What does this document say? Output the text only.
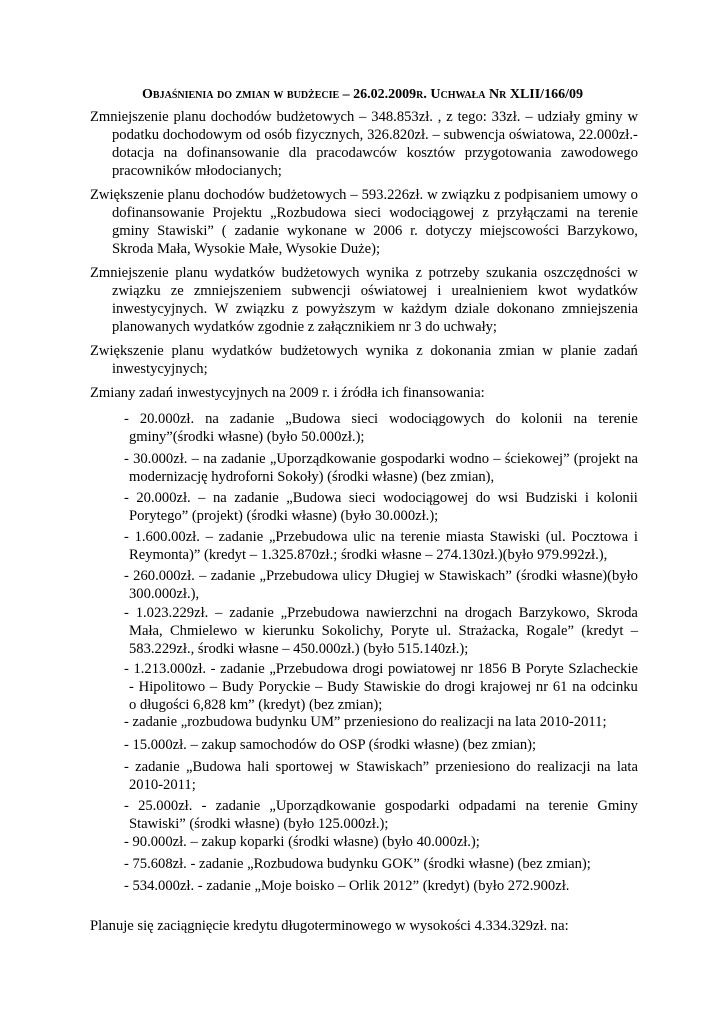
Objaśnienia do zmian w budżecie – 26.02.2009r. Uchwała Nr XLII/166/09
Zmniejszenie planu dochodów budżetowych – 348.853zł. , z tego: 33zł. – udziały gminy w
podatku dochodowym od osób fizycznych, 326.820zł. – subwencja oświatowa, 22.000zł.-
dotacja na dofinansowanie dla pracodawców kosztów przygotowania zawodowego
pracowników młodocianych;
Zwiększenie planu dochodów budżetowych – 593.226zł. w związku z podpisaniem umowy o
dofinansowanie Projektu „Rozbudowa sieci wodociągowej z przyłączami na terenie
gminy Stawiski” ( zadanie wykonane w 2006 r. dotyczy miejscowości Barzykowo,
Skroda Mała, Wysokie Małe, Wysokie Duże);
Zmniejszenie planu wydatków budżetowych wynika z potrzeby szukania oszczędności w
związku ze zmniejszeniem subwencji oświatowej i urealnieniem kwot wydatków
inwestycyjnych. W związku z powyższym w każdym dziale dokonano zmniejszenia
planowanych wydatków zgodnie z załącznikiem nr 3 do uchwały;
Zwiększenie planu wydatków budżetowych wynika z dokonania zmian w planie zadań
inwestycyjnych;
Zmiany zadań inwestycyjnych na 2009 r. i źródła ich finansowania:
- 20.000zł. na zadanie „Budowa sieci wodociągowych do kolonii na terenie
gminy”(środki własne) (było 50.000zł.);
- 30.000zł. – na zadanie „Uporządkowanie gospodarki wodno – ściekowej” (projekt na
modernizację hydroforni Sokoły) (środki własne) (bez zmian),
- 20.000zł. – na zadanie „Budowa sieci wodociągowej do wsi Budziski i kolonii
Porytego” (projekt) (środki własne) (było 30.000zł.);
- 1.600.00zł. – zadanie „Przebudowa ulic na terenie miasta Stawiski (ul. Pocztowa i
Reymonta)” (kredyt – 1.325.870zł.; środki własne – 274.130zł.)(było 979.992zł.),
- 260.000zł. – zadanie „Przebudowa ulicy Długiej w Stawiskach” (środki własne)(było
300.000zł.),
- 1.023.229zł. – zadanie „Przebudowa nawierzchni na drogach Barzykowo, Skroda
Mała, Chmielewo w kierunku Sokolichy, Poryte ul. Strażacka, Rogale” (kredyt –
583.229zł., środki własne – 450.000zł.) (było 515.140zł.);
- 1.213.000zł. - zadanie „Przebudowa drogi powiatowej nr 1856 B Poryte Szlacheckie
- Hipolitowo – Budy Poryckie – Budy Stawiskie do drogi krajowej nr 61 na odcinku
o długości 6,828 km” (kredyt) (bez zmian);
- zadanie „rozbudowa budynku UM” przeniesiono do realizacji na lata 2010-2011;
- 15.000zł. – zakup samochodów do OSP (środki własne) (bez zmian);
- zadanie „Budowa hali sportowej w Stawiskach” przeniesiono do realizacji na lata
2010-2011;
- 25.000zł. - zadanie „Uporządkowanie gospodarki odpadami na terenie Gminy
Stawiski” (środki własne) (było 125.000zł.);
- 90.000zł. – zakup koparki (środki własne) (było 40.000zł.);
- 75.608zł. - zadanie „Rozbudowa budynku GOK” (środki własne) (bez zmian);
- 534.000zł. - zadanie „Moje boisko – Orlik 2012” (kredyt) (było 272.900zł.
Planuje się zaciągnięcie kredytu długoterminowego w wysokości 4.334.329zł. na:
